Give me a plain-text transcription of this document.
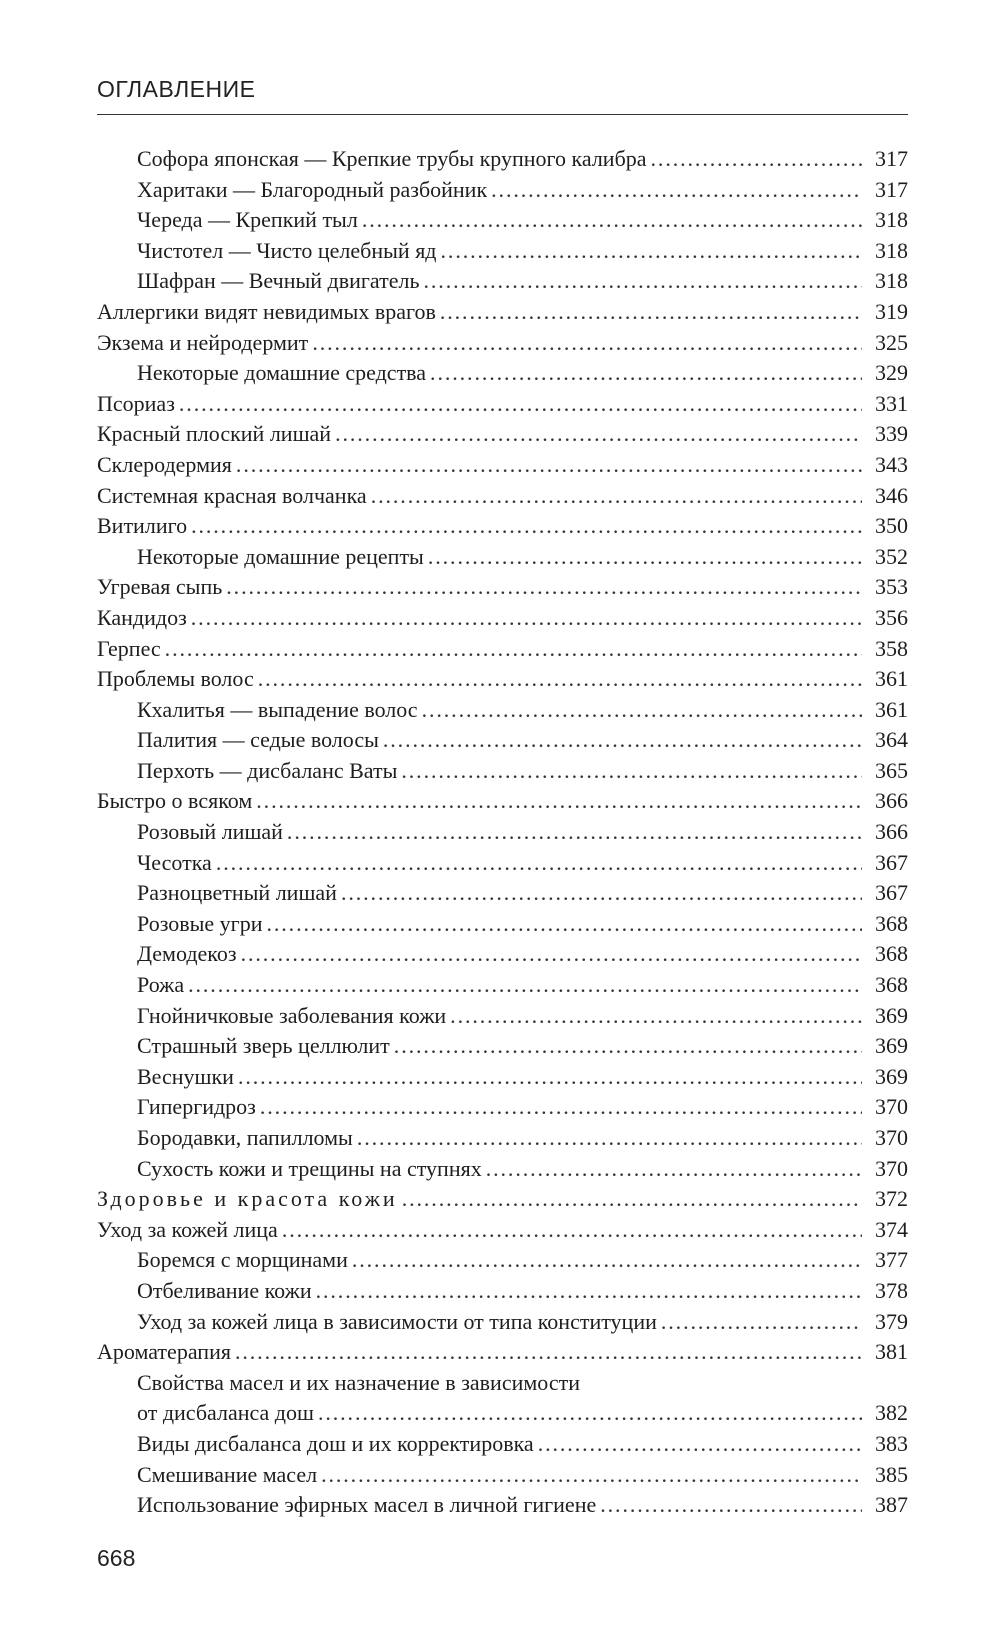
ОГЛАВЛЕНИЕ
Софора японская — Крепкие трубы крупного калибра . . .	317
Харитаки — Благородный разбойник . . .	317
Череда — Крепкий тыл . . .	318
Чистотел — Чисто целебный яд . . .	318
Шафран — Вечный двигатель . . .	318
Аллергики видят невидимых врагов . . .	319
Экзема и нейродермит . . .	325
Некоторые домашние средства . . .	329
Псориаз . . .	331
Красный плоский лишай . . .	339
Склеродермия . . .	343
Системная красная волчанка . . .	346
Витилиго . . .	350
Некоторые домашние рецепты . . .	352
Угревая сыпь . . .	353
Кандидоз . . .	356
Герпес . . .	358
Проблемы волос . . .	361
Кхалитья — выпадение волос . . .	361
Палития — седые волосы . . .	364
Перхоть — дисбаланс Ваты . . .	365
Быстро о всяком . . .	366
Розовый лишай . . .	366
Чесотка . . .	367
Разноцветный лишай . . .	367
Розовые угри . . .	368
Демодекоз . . .	368
Рожа . . .	368
Гнойничковые заболевания кожи . . .	369
Страшный зверь целлюлит . . .	369
Веснушки . . .	369
Гипергидроз . . .	370
Бородавки, папилломы . . .	370
Сухость кожи и трещины на ступнях . . .	370
Здоровье и красота кожи . . .	372
Уход за кожей лица . . .	374
Боремся с морщинами . . .	377
Отбеливание кожи . . .	378
Уход за кожей лица в зависимости от типа конституции . . .	379
Ароматерапия . . .	381
Свойства масел и их назначение в зависимости
от дисбаланса дош . . .	382
Виды дисбаланса дош и их корректировка . . .	383
Смешивание масел . . .	385
Использование эфирных масел в личной гигиене . . .	387
668
